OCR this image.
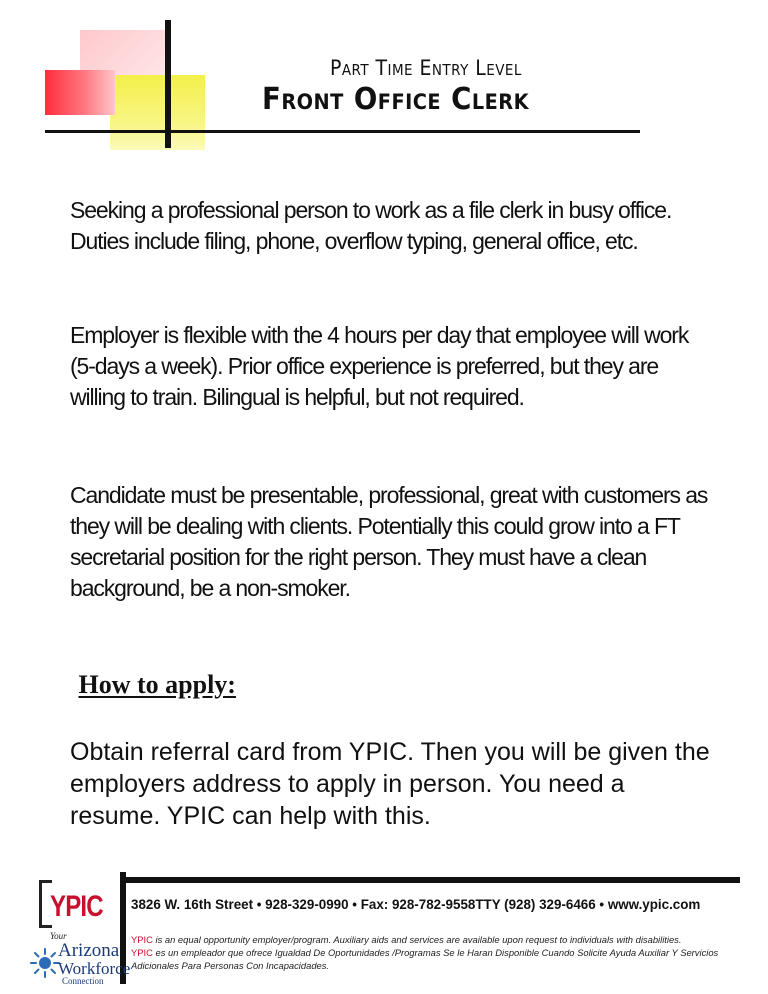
Part Time Entry Level
Front Office Clerk
Seeking a professional person to work as a file clerk in busy office. Duties include filing, phone, overflow typing, general office, etc.
Employer is flexible with the 4 hours per day that employee will work (5-days a week). Prior office experience is preferred, but they are willing to train. Bilingual is helpful, but not required.
Candidate must be presentable, professional, great with customers as they will be dealing with clients. Potentially this could grow into a FT secretarial position for the right person. They must have a clean background, be a non-smoker.
How to apply:
Obtain referral card from YPIC. Then you will be given the employers address to apply in person. You need a resume. YPIC can help with this.
3826 W. 16th Street • 928-329-0990 • Fax: 928-782-9558TTY (928) 329-6466 • www.ypic.com
YPIC is an equal opportunity employer/program. Auxiliary aids and services are available upon request to individuals with disabilities.
YPIC es un empleador que ofrece Igualdad De Oportunidades /Programas Se le Haran Disponible Cuando Solicite Ayuda Auxiliar Y Servicios Adicionales Para Personas Con Incapacidades.
YPIC
Your
Arizona
Workforce
Connection
